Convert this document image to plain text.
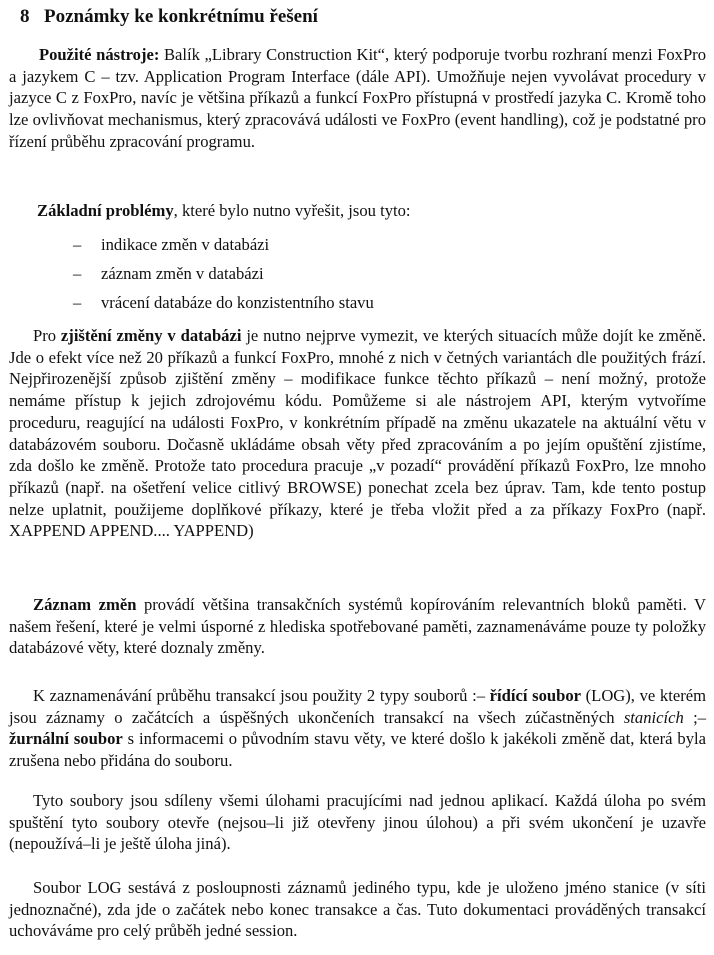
8 Poznámky ke konkrétnímu řešení

Použité nástroje: Balík „Library Construction Kit“, který podporuje tvorbu rozhraní menzi FoxPro a jazykem C – tzv. Application Program Interface (dále API). Umožňuje nejen vyvolávat procedury v jazyce C z FoxPro, navíc je většina příkazů a funkcí FoxPro přístupná v prostředí jazyka C. Kromě toho lze ovlivňovat mechanismus, který zpracovává události ve FoxPro (event handling), což je podstatné pro řízení průběhu zpracování programu.

Základní problémy, které bylo nutno vyřešit, jsou tyto:

– indikace změn v databázi
– záznam změn v databázi
– vrácení databáze do konzistentního stavu

Pro zjištění změny v databázi je nutno nejprve vymezit, ve kterých situacích může dojít ke změně. Jde o efekt více než 20 příkazů a funkcí FoxPro, mnohé z nich v četných variantách dle použitých frází. Nejpřirozenější způsob zjištění změny – modifikace funkce těchto příkazů – není možný, protože nemáme přístup k jejich zdrojovému kódu. Pomůžeme si ale nástrojem API, kterým vytvoříme proceduru, reagující na události FoxPro, v konkrétním případě na změnu ukazatele na aktuální větu v databázovém souboru. Dočasně ukládáme obsah věty před zpracováním a po jejím opuštění zjistíme, zda došlo ke změně. Protože tato procedura pracuje „v pozadí“ provádění příkazů FoxPro, lze mnoho příkazů (např. na ošetření velice citlivý BROWSE) ponechat zcela bez úprav. Tam, kde tento postup nelze uplatnit, použijeme doplňkové příkazy, které je třeba vložit před a za příkazy FoxPro (např. XAPPEND APPEND.... YAPPEND)

Záznam změn provádí většina transakčních systémů kopírováním relevantních bloků paměti. V našem řešení, které je velmi úsporné z hlediska spotřebované paměti, zaznamenáváme pouze ty položky databázové věty, které doznaly změny.

K zaznamenávání průběhu transakcí jsou použity 2 typy souborů :– řídící soubor (LOG), ve kterém jsou záznamy o začátcích a úspěšných ukončeních transakcí na všech zúčastněných stanicích ;– žurnální soubor s informacemi o původním stavu věty, ve které došlo k jakékoli změně dat, která byla zrušena nebo přidána do souboru.

Tyto soubory jsou sdíleny všemi úlohami pracujícími nad jednou aplikací. Každá úloha po svém spuštění tyto soubory otevře (nejsou–li již otevřeny jinou úlohou) a při svém ukončení je uzavře (nepoužívá–li je ještě úloha jiná).

Soubor LOG sestává z posloupnosti záznamů jediného typu, kde je uloženo jméno stanice (v síti jednoznačné), zda jde o začátek nebo konec transakce a čas. Tuto dokumentaci prováděných transakcí uchováváme pro celý průběh jedné session.
